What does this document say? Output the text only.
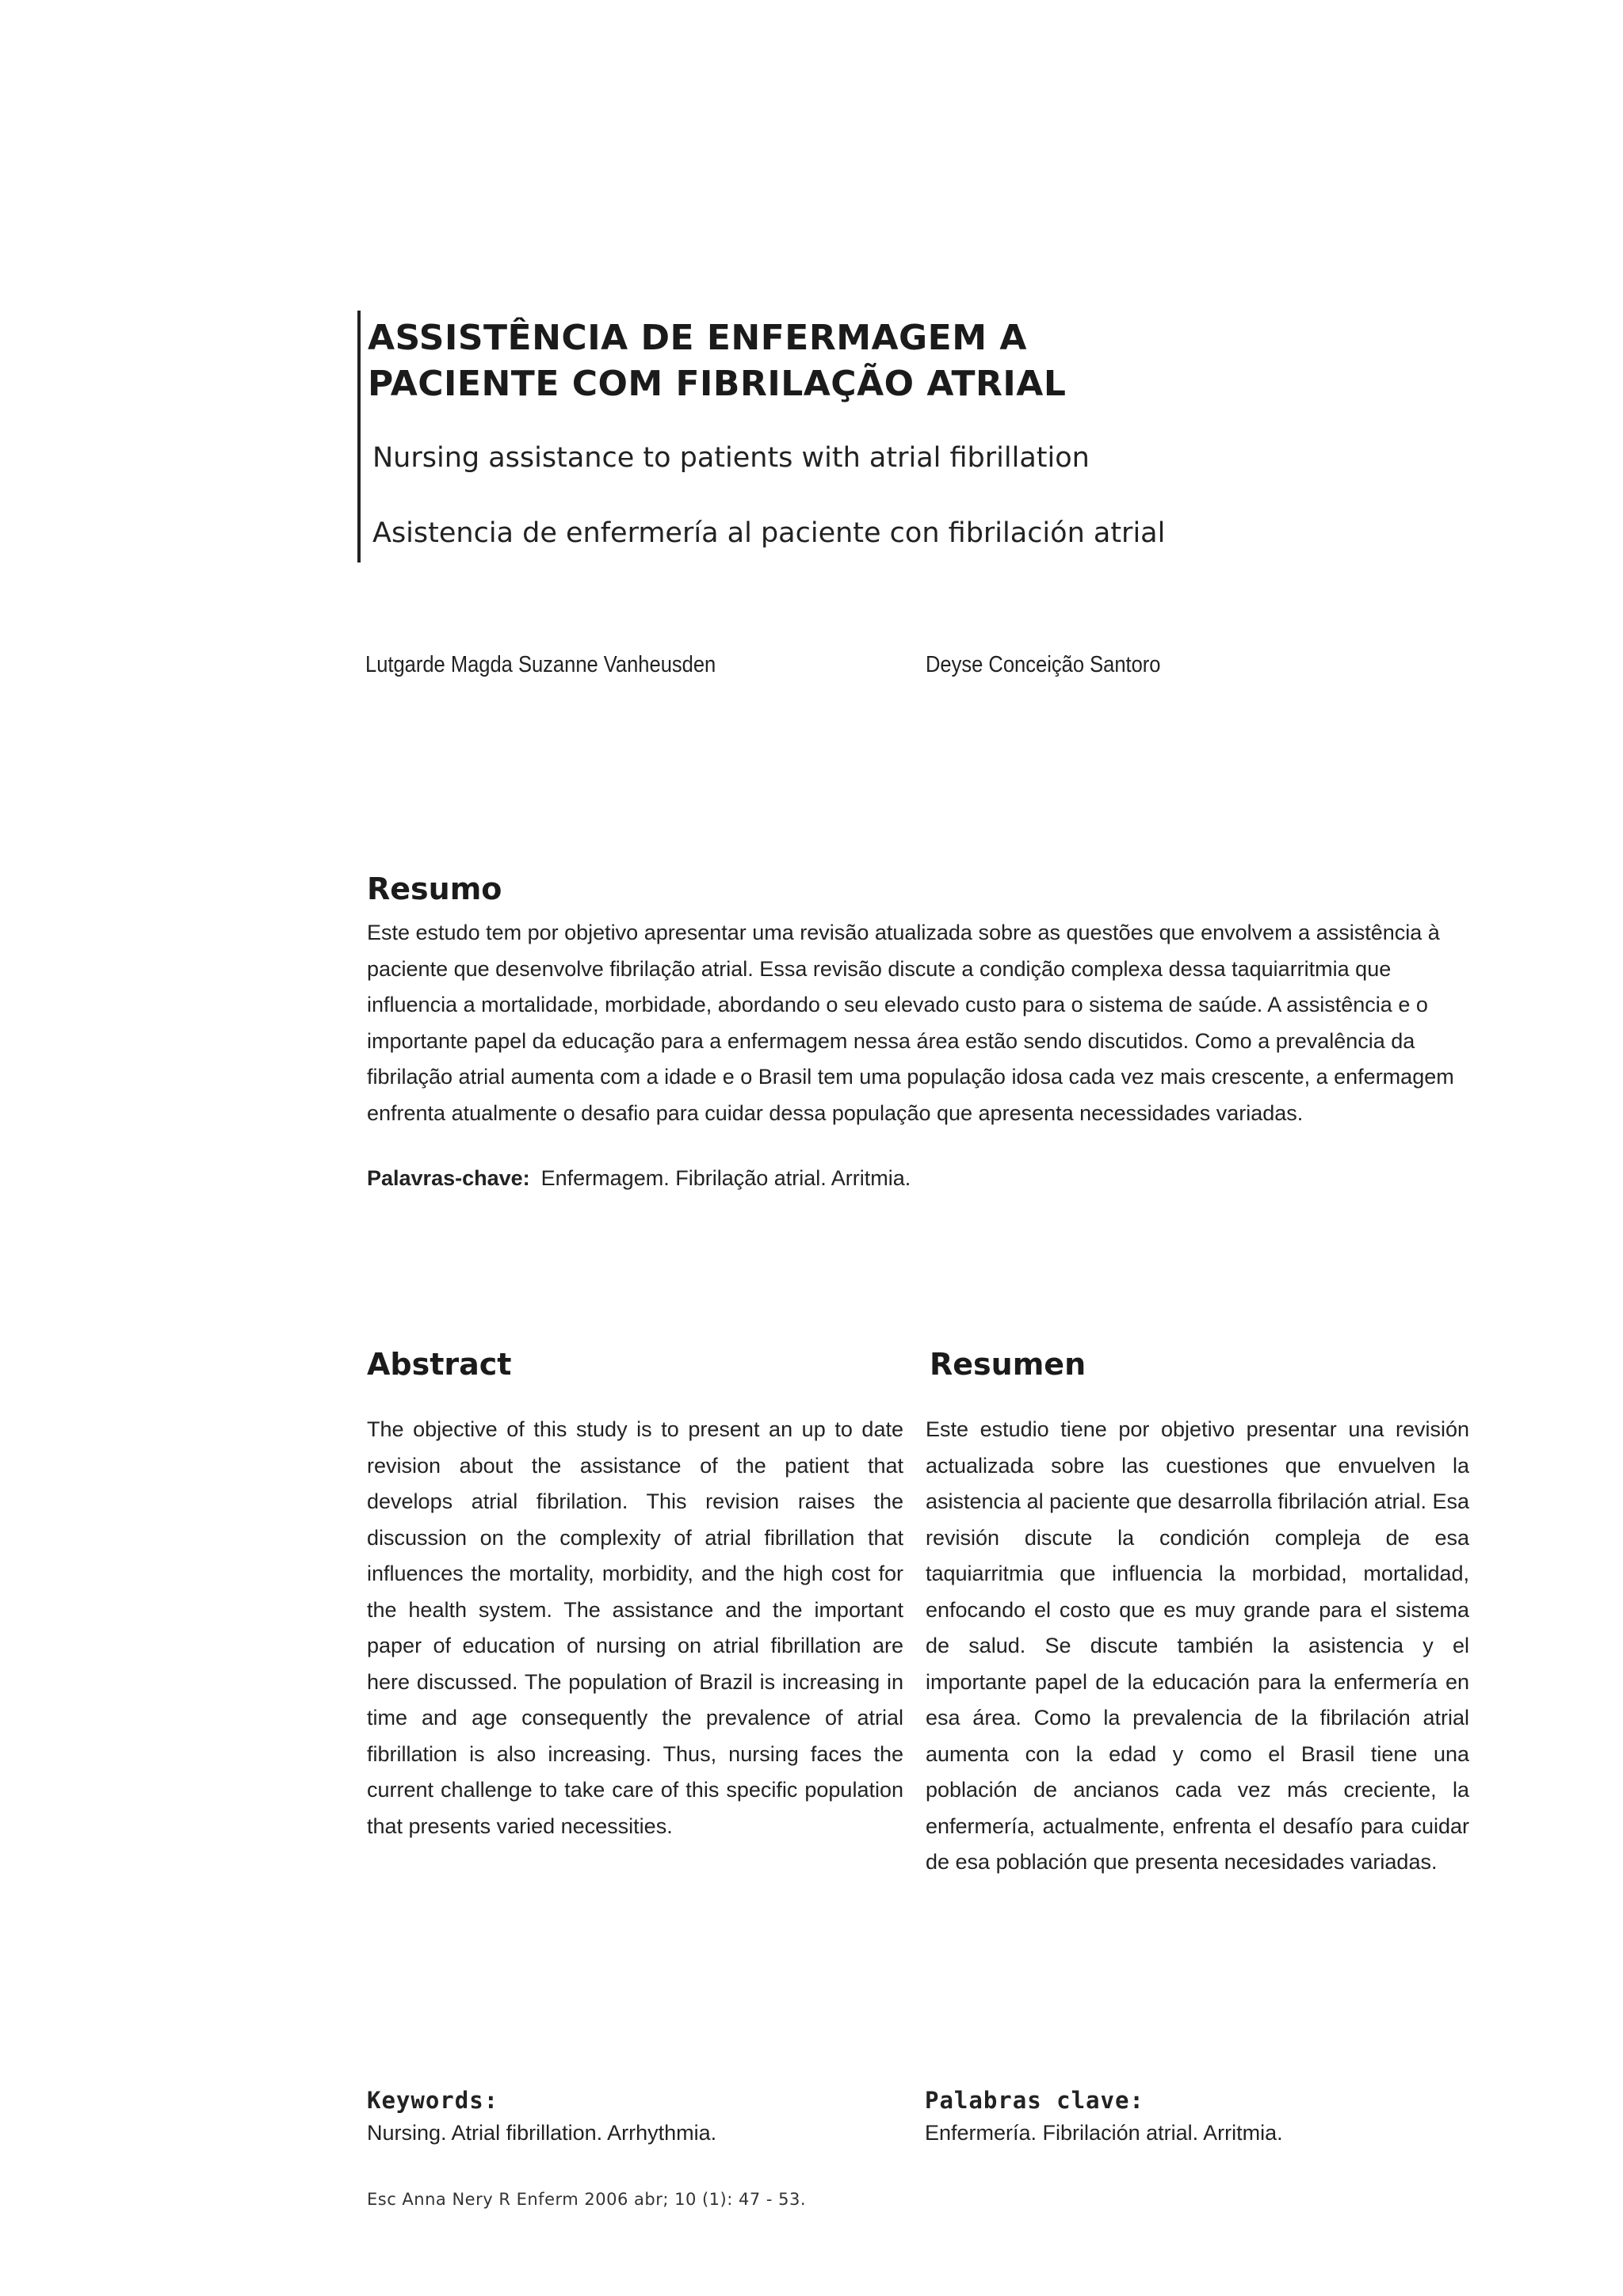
ASSISTÊNCIA DE ENFERMAGEM A
PACIENTE COM FIBRILAÇÃO ATRIAL

Nursing assistance to patients with atrial fibrillation

Asistencia de enfermería al paciente con fibrilación atrial

Lutgarde Magda Suzanne Vanheusden	Deyse Conceição Santoro
Resumo

Este estudo tem por objetivo apresentar uma revisão atualizada sobre as questões que envolvem a assistência à paciente que desenvolve fibrilação atrial. Essa revisão discute a condição complexa dessa taquiarritmia que influencia a mortalidade, morbidade, abordando o seu elevado custo para o sistema de saúde. A assistência e o importante papel da educação para a enfermagem nessa área estão sendo discutidos. Como a prevalência da fibrilação atrial aumenta com a idade e o Brasil tem uma população idosa cada vez mais crescente, a enfermagem enfrenta atualmente o desafio para cuidar dessa população que apresenta necessidades variadas.

Palavras-chave: Enfermagem. Fibrilação atrial. Arritmia.
Abstract	Resumen

The objective of this study is to present an up to date revision about the assistance of the patient that develops atrial fibrilation. This revision raises the discussion on the complexity of atrial fibrillation that influences the mortality, morbidity, and the high cost for the health system. The assistance and the important paper of education of nursing on atrial fibrillation are here discussed. The population of Brazil is increasing in time and age consequently the prevalence of atrial fibrillation is also increasing. Thus, nursing faces the current challenge to take care of this specific population that presents varied necessities.

Este estudio tiene por objetivo presentar una revisión actualizada sobre las cuestiones que envuelven la asistencia al paciente que desarrolla fibrilación atrial. Esa revisión discute la condición compleja de esa taquiarritmia que influencia la morbidad, mortalidad, enfocando el costo que es muy grande para el sistema de salud. Se discute también la asistencia y el importante papel de la educación para la enfermería en esa área. Como la prevalencia de la fibrilación atrial aumenta con la edad y como el Brasil tiene una población de ancianos cada vez más creciente, la enfermería, actualmente, enfrenta el desafío para cuidar de esa población que presenta necesidades variadas.

Keywords:
Nursing. Atrial fibrillation. Arrhythmia.
Palabras clave:
Enfermería. Fibrilación atrial. Arritmia.
Esc Anna Nery R Enferm 2006 abr; 10 (1): 47 - 53.
